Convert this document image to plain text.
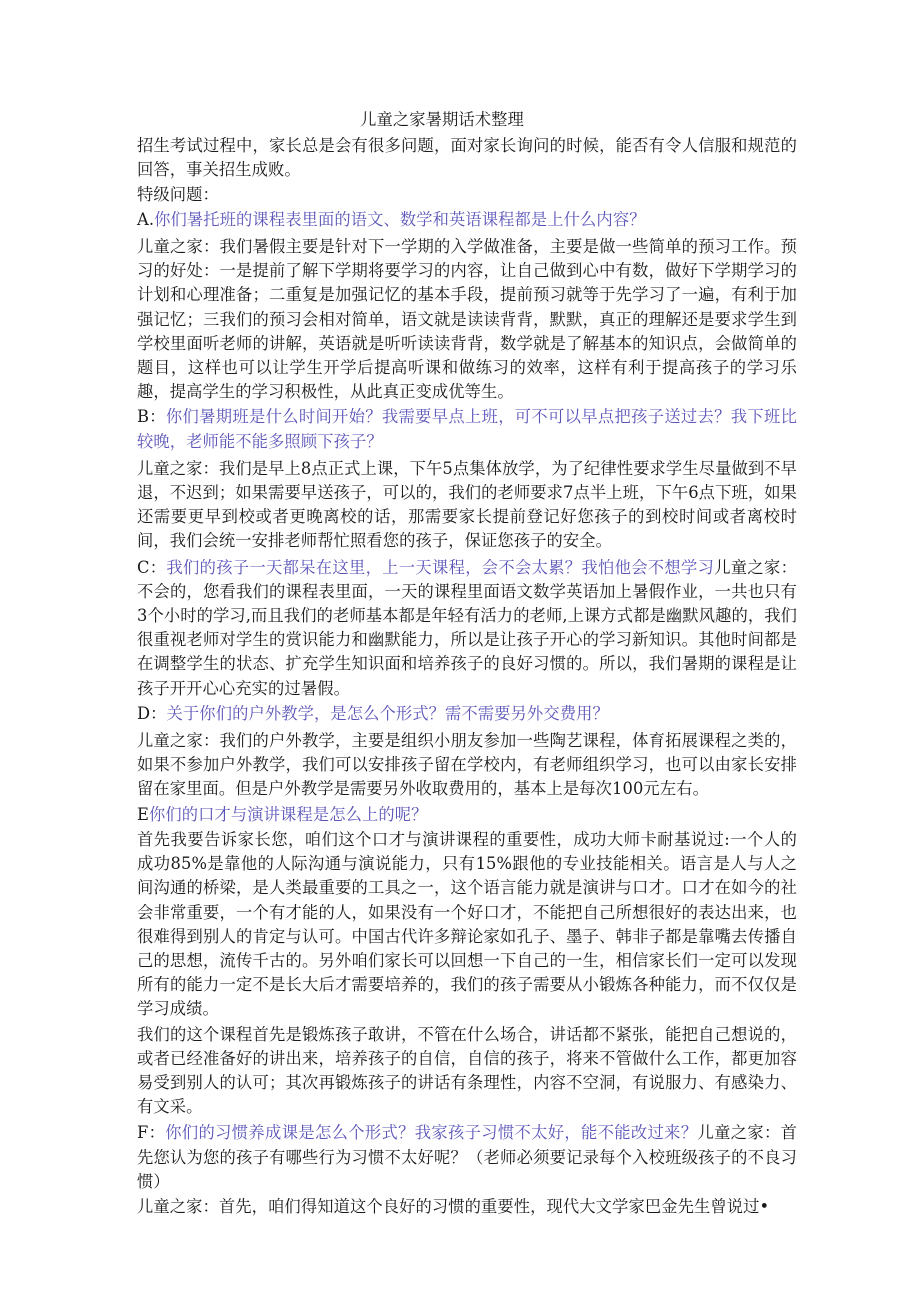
儿童之家暑期话术整理

招生考试过程中，家长总是会有很多问题，面对家长询问的时候，能否有令人信服和规范的回答，事关招生成败。

特级问题：

A.你们暑托班的课程表里面的语文、数学和英语课程都是上什么内容？

儿童之家：我们暑假主要是针对下一学期的入学做准备，主要是做一些简单的预习工作。预习的好处：一是提前了解下学期将要学习的内容，让自己做到心中有数，做好下学期学习的计划和心理准备；二重复是加强记忆的基本手段，提前预习就等于先学习了一遍，有利于加强记忆；三我们的预习会相对简单，语文就是读读背背，默默，真正的理解还是要求学生到学校里面听老师的讲解，英语就是听听读读背背，数学就是了解基本的知识点，会做简单的题目，这样也可以让学生开学后提高听课和做练习的效率，这样有利于提高孩子的学习乐趣，提高学生的学习积极性，从此真正变成优等生。

B：你们暑期班是什么时间开始？我需要早点上班，可不可以早点把孩子送过去？我下班比较晚，老师能不能多照顾下孩子？

儿童之家：我们是早上8点正式上课，下午5点集体放学，为了纪律性要求学生尽量做到不早退，不迟到；如果需要早送孩子，可以的，我们的老师要求7点半上班，下午6点下班，如果还需要更早到校或者更晚离校的话，那需要家长提前登记好您孩子的到校时间或者离校时间，我们会统一安排老师帮忙照看您的孩子，保证您孩子的安全。

C：我们的孩子一天都呆在这里，上一天课程，会不会太累？我怕他会不想学习儿童之家：不会的，您看我们的课程表里面，一天的课程里面语文数学英语加上暑假作业，一共也只有3个小时的学习,而且我们的老师基本都是年轻有活力的老师,上课方式都是幽默风趣的，我们很重视老师对学生的赏识能力和幽默能力，所以是让孩子开心的学习新知识。其他时间都是在调整学生的状态、扩充学生知识面和培养孩子的良好习惯的。所以，我们暑期的课程是让孩子开开心心充实的过暑假。

D：关于你们的户外教学，是怎么个形式？需不需要另外交费用？

儿童之家：我们的户外教学，主要是组织小朋友参加一些陶艺课程，体育拓展课程之类的，如果不参加户外教学，我们可以安排孩子留在学校内，有老师组织学习，也可以由家长安排留在家里面。但是户外教学是需要另外收取费用的，基本上是每次100元左右。

E你们的口才与演讲课程是怎么上的呢？

首先我要告诉家长您，咱们这个口才与演讲课程的重要性，成功大师卡耐基说过:一个人的成功85%是靠他的人际沟通与演说能力，只有15%跟他的专业技能相关。语言是人与人之间沟通的桥梁，是人类最重要的工具之一，这个语言能力就是演讲与口才。口才在如今的社会非常重要，一个有才能的人，如果没有一个好口才，不能把自己所想很好的表达出来，也很难得到别人的肯定与认可。中国古代许多辩论家如孔子、墨子、韩非子都是靠嘴去传播自己的思想，流传千古的。另外咱们家长可以回想一下自己的一生，相信家长们一定可以发现所有的能力一定不是长大后才需要培养的，我们的孩子需要从小锻炼各种能力，而不仅仅是学习成绩。

我们的这个课程首先是锻炼孩子敢讲，不管在什么场合，讲话都不紧张，能把自己想说的，或者已经准备好的讲出来，培养孩子的自信，自信的孩子，将来不管做什么工作，都更加容易受到别人的认可；其次再锻炼孩子的讲话有条理性，内容不空洞，有说服力、有感染力、有文采。

F：你们的习惯养成课是怎么个形式？我家孩子习惯不太好，能不能改过来？儿童之家：首先您认为您的孩子有哪些行为习惯不太好呢？（老师必须要记录每个入校班级孩子的不良习惯）

儿童之家：首先，咱们得知道这个良好的习惯的重要性，现代大文学家巴金先生曾说过•
